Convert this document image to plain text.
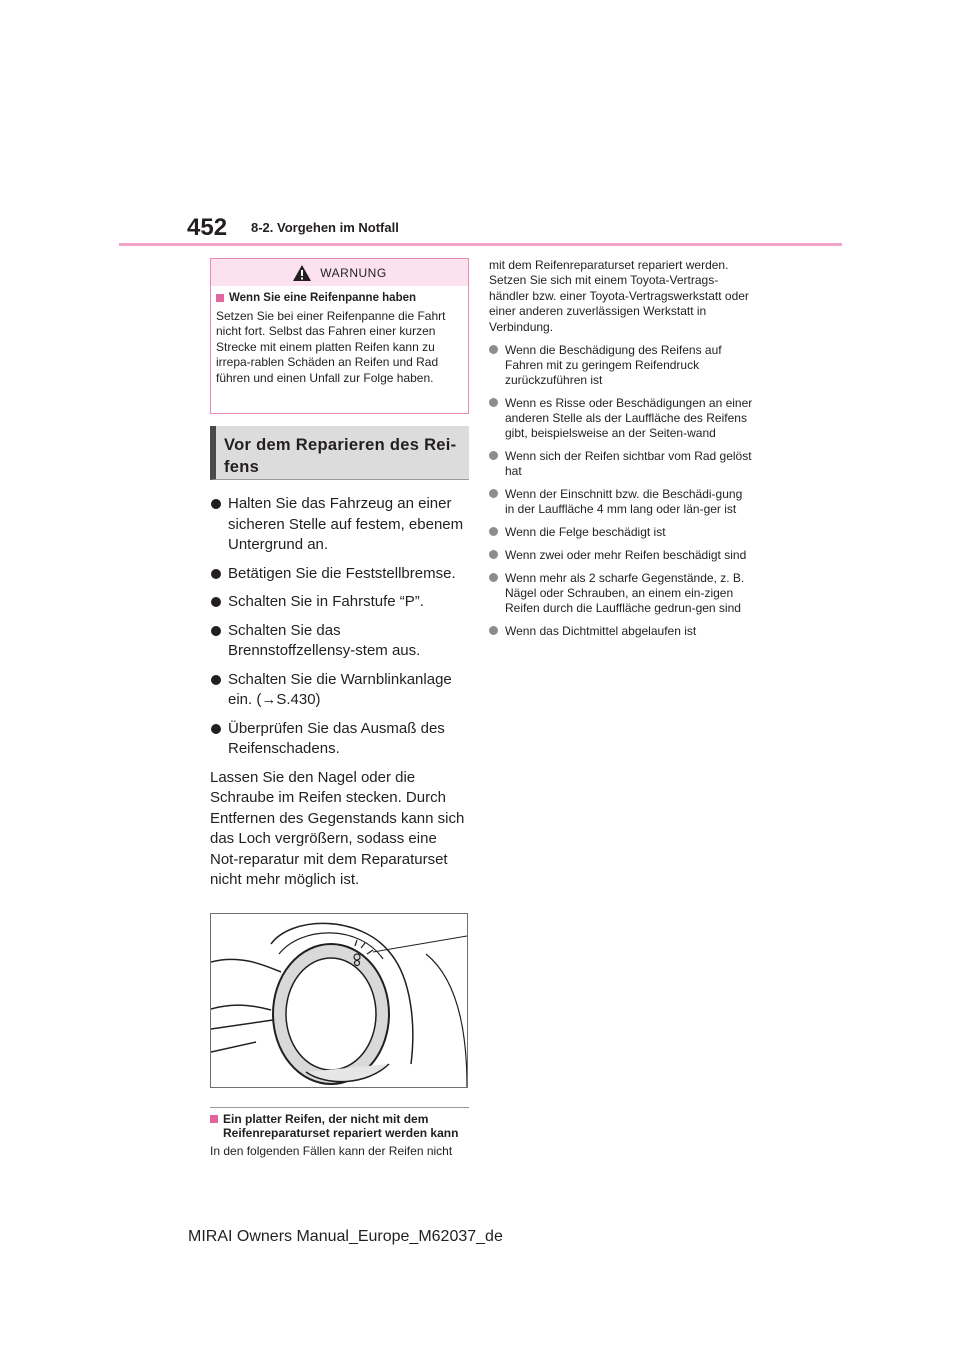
452 8-2. Vorgehen im Notfall
WARNUNG
Wenn Sie eine Reifenpanne haben
Setzen Sie bei einer Reifenpanne die Fahrt nicht fort. Selbst das Fahren einer kurzen Strecke mit einem platten Reifen kann zu irrepa-rablen Schäden an Reifen und Rad führen und einen Unfall zur Folge haben.
Vor dem Reparieren des Rei-fens
Halten Sie das Fahrzeug an einer sicheren Stelle auf festem, ebenem Untergrund an.
Betätigen Sie die Feststellbremse.
Schalten Sie in Fahrstufe “P”.
Schalten Sie das Brennstoffzellensy-stem aus.
Schalten Sie die Warnblinkanlage ein. (→S.430)
Überprüfen Sie das Ausmaß des Reifenschadens.

Lassen Sie den Nagel oder die Schraube im Reifen stecken. Durch Entfernen des Gegenstands kann sich das Loch vergrößern, sodass eine Not-reparatur mit dem Reparaturset nicht mehr möglich ist.

Ein platter Reifen, der nicht mit dem Reifenreparaturset repariert werden kann

In den folgenden Fällen kann der Reifen nicht

mit dem Reifenreparaturset repariert werden. Setzen Sie sich mit einem Toyota-Vertrags-händler bzw. einer Toyota-Vertragswerkstatt oder einer anderen zuverlässigen Werkstatt in Verbindung.

Wenn die Beschädigung des Reifens auf Fahren mit zu geringem Reifendruck zurückzuführen ist
Wenn es Risse oder Beschädigungen an einer anderen Stelle als der Lauffläche des Reifens gibt, beispielsweise an der Seiten-wand
Wenn sich der Reifen sichtbar vom Rad gelöst hat
Wenn der Einschnitt bzw. die Beschädi-gung in der Lauffläche 4 mm lang oder län-ger ist
Wenn die Felge beschädigt ist
Wenn zwei oder mehr Reifen beschädigt sind
Wenn mehr als 2 scharfe Gegenstände, z. B. Nägel oder Schrauben, an einem ein-zigen Reifen durch die Lauffläche gedrun-gen sind
Wenn das Dichtmittel abgelaufen ist
MIRAI Owners Manual_Europe_M62037_de
